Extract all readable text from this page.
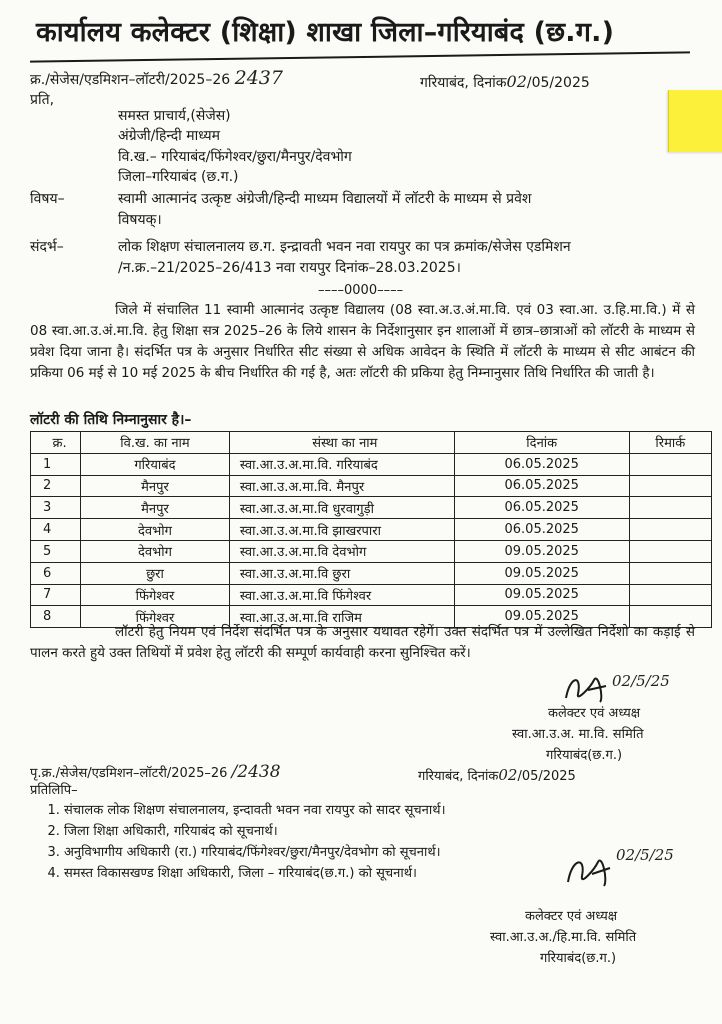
कार्यालय कलेक्टर (शिक्षा) शाखा जिला–गरियाबंद (छ.ग.)
क्र./सेजेस/एडमिशन–लॉटरी/2025–26 2437	गरियाबंद, दिनांक02/05/2025
प्रति,
समस्त प्राचार्य,(सेजेस)
अंग्रेजी/हिन्दी माध्यम
वि.ख.– गरियाबंद/फिंगेश्वर/छुरा/मैनपुर/देवभोग
जिला–गरियाबंद (छ.ग.)
विषय–	स्वामी आत्मानंद उत्कृष्ट अंग्रेजी/हिन्दी माध्यम विद्यालयों में लॉटरी के माध्यम से प्रवेश
विषयक्।
संदर्भ–	लोक शिक्षण संचालनालय छ.ग. इन्द्रावती भवन नवा रायपुर का पत्र क्रमांक/सेजेस एडमिशन
/न.क्र.–21/2025–26/413 नवा रायपुर दिनांक–28.03.2025।
––––0000––––

जिले में संचालित 11 स्वामी आत्मानंद उत्कृष्ट विद्यालय (08 स्वा.अ.उ.अं.मा.वि. एवं 03 स्वा.आ. उ.हि.मा.वि.) में से 08 स्वा.आ.उ.अं.मा.वि. हेतु शिक्षा सत्र 2025–26 के लिये शासन के निर्देशानुसार इन शालाओं में छात्र–छात्राओं को लॉटरी के माध्यम से प्रवेश दिया जाना है। संदर्भित पत्र के अनुसार निर्धारित सीट संख्या से अधिक आवेदन के स्थिति में लॉटरी के माध्यम से सीट आबंटन की प्रकिया 06 मई से 10 मई 2025 के बीच निर्धारित की गई है, अतः लॉटरी की प्रकिया हेतु निम्नानुसार तिथि निर्धारित की जाती है।

लॉटरी की तिथि निम्नानुसार है।–
क्र.	वि.ख. का नाम	संस्था का नाम	दिनांक	रिमार्क
1	गरियाबंद	स्वा.आ.उ.अ.मा.वि. गरियाबंद	06.05.2025	
2	मैनपुर	स्वा.आ.उ.अ.मा.वि. मैनपुर	06.05.2025	
3	मैनपुर	स्वा.आ.उ.अ.मा.वि धुरवागुड़ी	06.05.2025	
4	देवभोग	स्वा.आ.उ.अ.मा.वि झाखरपारा	06.05.2025	
5	देवभोग	स्वा.आ.उ.अ.मा.वि देवभोग	09.05.2025	
6	छुरा	स्वा.आ.उ.अ.मा.वि छुरा	09.05.2025	
7	फिंगेश्वर	स्वा.आ.उ.अ.मा.वि फिंगेश्वर	09.05.2025	
8	फिंगेश्वर	स्वा.आ.उ.अ.मा.वि राजिम	09.05.2025	

लॉटरी हेतु नियम एवं निर्देश संदर्भित पत्र के अनुसार यथावत रहेगें। उक्त संदर्भित पत्र में उल्लेखित निर्देशो का कड़ाई से पालन करते हुये उक्त तिथियों में प्रवेश हेतु लॉटरी की सम्पूर्ण कार्यवाही करना सुनिश्चित करें।

02/5/25
कलेक्टर एवं अध्यक्ष
स्वा.आ.उ.अ. मा.वि. समिति
गरियाबंद(छ.ग.)
पृ.क्र./सेजेस/एडमिशन–लॉटरी/2025–26 /2438	गरियाबंद, दिनांक02/05/2025
प्रतिलिपि–
1. संचालक लोक शिक्षण संचालनालय, इन्दावती भवन नवा रायपुर को सादर सूचनार्थ।
2. जिला शिक्षा अधिकारी, गरियाबंद को सूचनार्थ।
3. अनुविभागीय अधिकारी (रा.) गरियाबंद/फिंगेश्वर/छुरा/मैनपुर/देवभोग को सूचनार्थ।
4. समस्त विकासखण्ड शिक्षा अधिकारी, जिला – गरियाबंद(छ.ग.) को सूचनार्थ।
02/5/25
कलेक्टर एवं अध्यक्ष
स्वा.आ.उ.अ./हि.मा.वि. समिति
गरियाबंद(छ.ग.)
